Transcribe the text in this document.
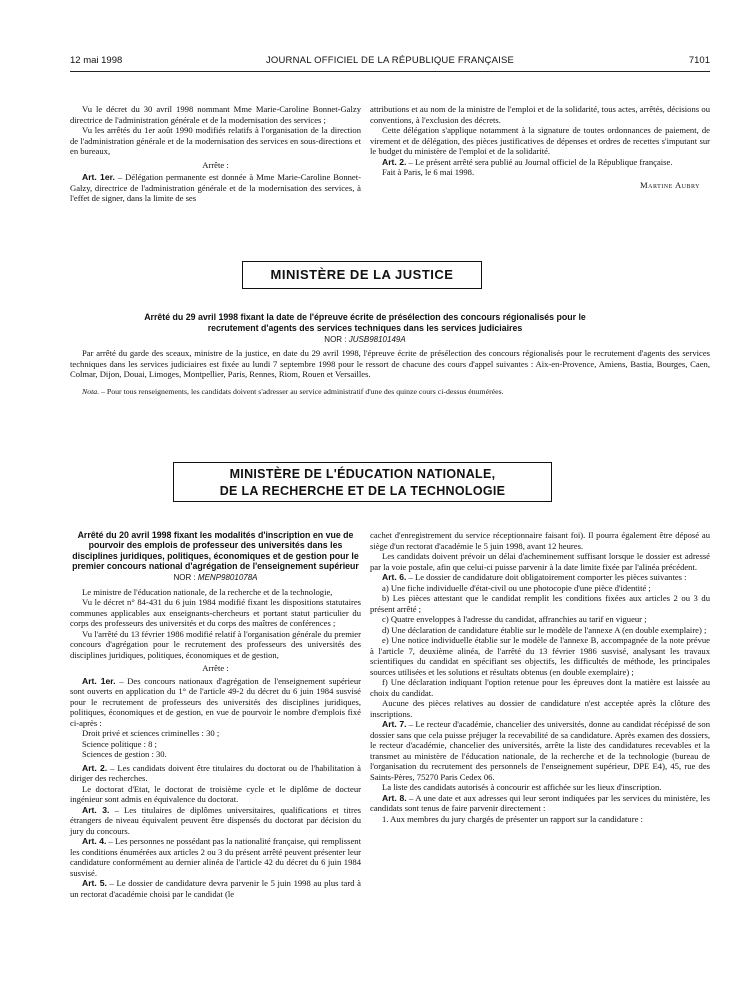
12 mai 1998	JOURNAL OFFICIEL DE LA RÉPUBLIQUE FRANÇAISE	7101

Vu le décret du 30 avril 1998 nommant Mme Marie-Caroline Bonnet-Galzy directrice de l'administration générale et de la modernisation des services ;

Vu les arrêtés du 1er août 1990 modifiés relatifs à l'organisation de la direction de l'administration générale et de la modernisation des services en sous-directions et en bureaux,

Arrête :

Art. 1er. – Délégation permanente est donnée à Mme Marie-Caroline Bonnet-Galzy, directrice de l'administration générale et de la modernisation des services, à l'effet de signer, dans la limite de ses

attributions et au nom de la ministre de l'emploi et de la solidarité, tous actes, arrêtés, décisions ou conventions, à l'exclusion des décrets.

Cette délégation s'applique notamment à la signature de toutes ordonnances de paiement, de virement et de délégation, des pièces justificatives de dépenses et ordres de recettes s'imputant sur le budget du ministère de l'emploi et de la solidarité.

Art. 2. – Le présent arrêté sera publié au Journal officiel de la République française.

Fait à Paris, le 6 mai 1998.

Martine Aubry

MINISTÈRE DE LA JUSTICE
Arrêté du 29 avril 1998 fixant la date de l'épreuve écrite de présélection des concours régionalisés pour le recrutement d'agents des services techniques dans les services judiciaires
NOR : JUSB9810149A

Par arrêté du garde des sceaux, ministre de la justice, en date du 29 avril 1998, l'épreuve écrite de présélection des concours régionalisés pour le recrutement d'agents des services techniques dans les services judiciaires est fixée au lundi 7 septembre 1998 pour le ressort de chacune des cours d'appel suivantes : Aix-en-Provence, Amiens, Bastia, Bourges, Caen, Colmar, Dijon, Douai, Limoges, Montpellier, Paris, Rennes, Riom, Rouen et Versailles.

Nota. – Pour tous renseignements, les candidats doivent s'adresser au service administratif d'une des quinze cours ci-dessus énumérées.

MINISTÈRE DE L'ÉDUCATION NATIONALE,
DE LA RECHERCHE ET DE LA TECHNOLOGIE
Arrêté du 20 avril 1998 fixant les modalités d'inscription en vue de pourvoir des emplois de professeur des universités dans les disciplines juridiques, politiques, économiques et de gestion pour le premier concours national d'agrégation de l'enseignement supérieur
NOR : MENP9801078A

Le ministre de l'éducation nationale, de la recherche et de la technologie,

Vu le décret n° 84-431 du 6 juin 1984 modifié fixant les dispositions statutaires communes applicables aux enseignants-chercheurs et portant statut particulier du corps des professeurs des universités et du corps des maîtres de conférences ;

Vu l'arrêté du 13 février 1986 modifié relatif à l'organisation générale du premier concours d'agrégation pour le recrutement des professeurs des universités des disciplines juridiques, politiques, économiques et de gestion,

Arrête :

Art. 1er. – Des concours nationaux d'agrégation de l'enseignement supérieur sont ouverts en application du 1° de l'article 49-2 du décret du 6 juin 1984 susvisé pour le recrutement de professeurs des universités des disciplines juridiques, politiques, économiques et de gestion, en vue de pourvoir le nombre d'emplois fixé ci-après :

Droit privé et sciences criminelles : 30 ;

Science politique : 8 ;

Sciences de gestion : 30.

Art. 2. – Les candidats doivent être titulaires du doctorat ou de l'habilitation à diriger des recherches.

Le doctorat d'Etat, le doctorat de troisième cycle et le diplôme de docteur ingénieur sont admis en équivalence du doctorat.

Art. 3. – Les titulaires de diplômes universitaires, qualifications et titres étrangers de niveau équivalent peuvent être dispensés du doctorat par décision du jury du concours.

Art. 4. – Les personnes ne possédant pas la nationalité française, qui remplissent les conditions énumérées aux articles 2 ou 3 du présent arrêté peuvent présenter leur candidature conformément au dernier alinéa de l'article 42 du décret du 6 juin 1984 susvisé.

Art. 5. – Le dossier de candidature devra parvenir le 5 juin 1998 au plus tard à un rectorat d'académie choisi par le candidat (le

cachet d'enregistrement du service réceptionnaire faisant foi). Il pourra également être déposé au siège d'un rectorat d'académie le 5 juin 1998, avant 12 heures.

Les candidats doivent prévoir un délai d'acheminement suffisant lorsque le dossier est adressé par la voie postale, afin que celui-ci puisse parvenir à la date limite fixée par l'alinéa précédent.

Art. 6. – Le dossier de candidature doit obligatoirement comporter les pièces suivantes :

a) Une fiche individuelle d'état-civil ou une photocopie d'une pièce d'identité ;

b) Les pièces attestant que le candidat remplit les conditions fixées aux articles 2 ou 3 du présent arrêté ;

c) Quatre enveloppes à l'adresse du candidat, affranchies au tarif en vigueur ;

d) Une déclaration de candidature établie sur le modèle de l'annexe A (en double exemplaire) ;

e) Une notice individuelle établie sur le modèle de l'annexe B, accompagnée de la note prévue à l'article 7, deuxième alinéa, de l'arrêté du 13 février 1986 susvisé, analysant les travaux scientifiques du candidat en spécifiant ses objectifs, les difficultés de méthode, les principales sources utilisées et les solutions et résultats obtenus (en double exemplaire) ;

f) Une déclaration indiquant l'option retenue pour les épreuves dont la matière est laissée au choix du candidat.

Aucune des pièces relatives au dossier de candidature n'est acceptée après la clôture des inscriptions.

Art. 7. – Le recteur d'académie, chancelier des universités, donne au candidat récépissé de son dossier sans que cela puisse préjuger la recevabilité de sa candidature. Après examen des dossiers, le recteur d'académie, chancelier des universités, arrête la liste des candidatures recevables et la transmet au ministère de l'éducation nationale, de la recherche et de la technologie (bureau de l'organisation du recrutement des personnels de l'enseignement supérieur, DPE E4), 45, rue des Saints-Pères, 75270 Paris Cedex 06.

La liste des candidats autorisés à concourir est affichée sur les lieux d'inscription.

Art. 8. – A une date et aux adresses qui leur seront indiquées par les services du ministère, les candidats sont tenus de faire parvenir directement :

1. Aux membres du jury chargés de présenter un rapport sur la candidature :
